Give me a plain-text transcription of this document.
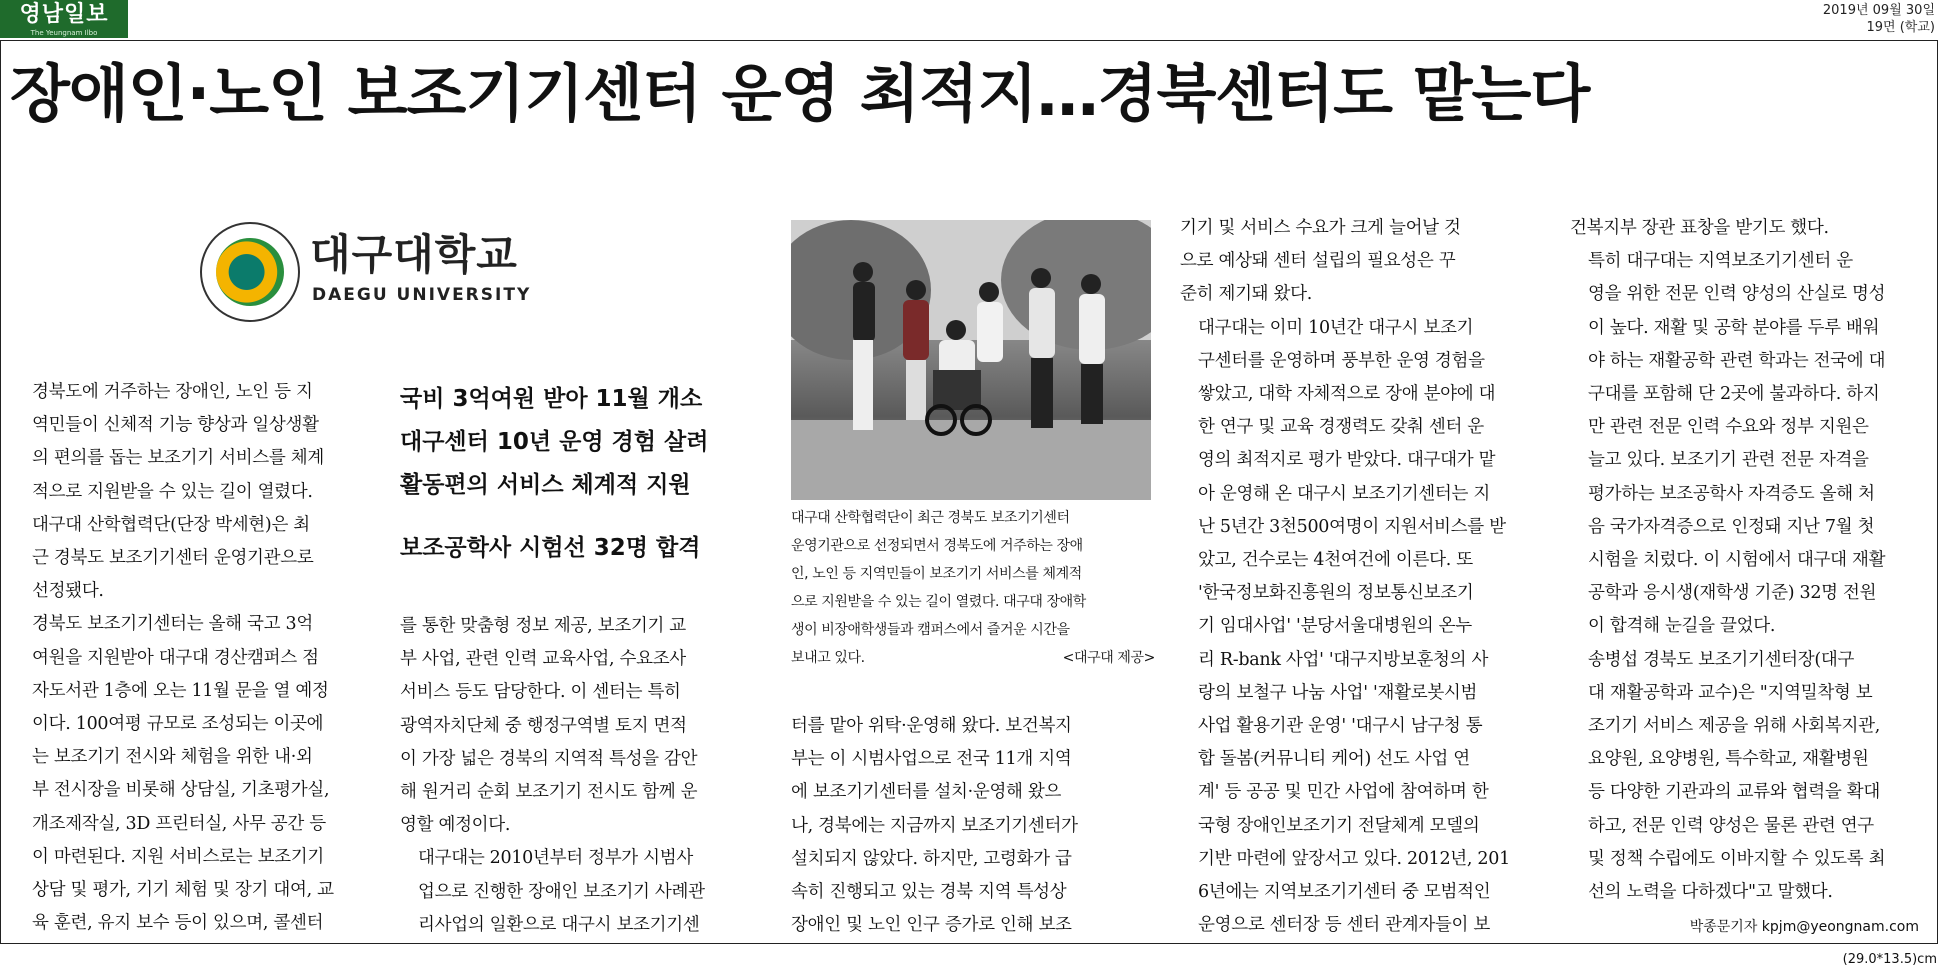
영남일보
The Yeungnam Ilbo
2019년 09월 30일
19면 (학교)
장애인·노인 보조기기센터 운영 최적지…경북센터도 맡는다
대구대학교
DAEGU UNIVERSITY
국비 3억여원 받아 11월 개소
대구센터 10년 운영 경험 살려
활동편의 서비스 체계적 지원
보조공학사 시험선 32명 합격
대구대 산학협력단이 최근 경북도 보조기기센터
운영기관으로 선정되면서 경북도에 거주하는 장애
인, 노인 등 지역민들이 보조기기 서비스를 체계적
으로 지원받을 수 있는 길이 열렸다. 대구대 장애학
생이 비장애학생들과 캠퍼스에서 즐거운 시간을
보내고 있다.	<대구대 제공>

경북도에 거주하는 장애인, 노인 등 지
역민들이 신체적 기능 향상과 일상생활
의 편의를 돕는 보조기기 서비스를 체계
적으로 지원받을 수 있는 길이 열렸다.
대구대 산학협력단(단장 박세현)은 최
근 경북도 보조기기센터 운영기관으로
선정됐다.

경북도 보조기기센터는 올해 국고 3억
여원을 지원받아 대구대 경산캠퍼스 점
자도서관 1층에 오는 11월 문을 열 예정
이다. 100여평 규모로 조성되는 이곳에
는 보조기기 전시와 체험을 위한 내·외
부 전시장을 비롯해 상담실, 기초평가실,
개조제작실, 3D 프린터실, 사무 공간 등
이 마련된다. 지원 서비스로는 보조기기
상담 및 평가, 기기 체험 및 장기 대여, 교
육 훈련, 유지 보수 등이 있으며, 콜센터

를 통한 맞춤형 정보 제공, 보조기기 교
부 사업, 관련 인력 교육사업, 수요조사
서비스 등도 담당한다. 이 센터는 특히
광역자치단체 중 행정구역별 토지 면적
이 가장 넓은 경북의 지역적 특성을 감안
해 원거리 순회 보조기기 전시도 함께 운
영할 예정이다.

대구대는 2010년부터 정부가 시범사
업으로 진행한 장애인 보조기기 사례관
리사업의 일환으로 대구시 보조기기센

터를 맡아 위탁·운영해 왔다. 보건복지
부는 이 시범사업으로 전국 11개 지역
에 보조기기센터를 설치·운영해 왔으
나, 경북에는 지금까지 보조기기센터가
설치되지 않았다. 하지만, 고령화가 급
속히 진행되고 있는 경북 지역 특성상
장애인 및 노인 인구 증가로 인해 보조

기기 및 서비스 수요가 크게 늘어날 것
으로 예상돼 센터 설립의 필요성은 꾸
준히 제기돼 왔다.

대구대는 이미 10년간 대구시 보조기
구센터를 운영하며 풍부한 운영 경험을
쌓았고, 대학 자체적으로 장애 분야에 대
한 연구 및 교육 경쟁력도 갖춰 센터 운
영의 최적지로 평가 받았다. 대구대가 맡
아 운영해 온 대구시 보조기기센터는 지
난 5년간 3천500여명이 지원서비스를 받
았고, 건수로는 4천여건에 이른다. 또
'한국정보화진흥원의 정보통신보조기
기 임대사업' '분당서울대병원의 온누
리 R-bank 사업' '대구지방보훈청의 사
랑의 보철구 나눔 사업' '재활로봇시범
사업 활용기관 운영' '대구시 남구청 통
합 돌봄(커뮤니티 케어) 선도 사업 연
계' 등 공공 및 민간 사업에 참여하며 한
국형 장애인보조기기 전달체계 모델의
기반 마련에 앞장서고 있다. 2012년, 201
6년에는 지역보조기기센터 중 모범적인
운영으로 센터장 등 센터 관계자들이 보

건복지부 장관 표창을 받기도 했다.

특히 대구대는 지역보조기기센터 운
영을 위한 전문 인력 양성의 산실로 명성
이 높다. 재활 및 공학 분야를 두루 배워
야 하는 재활공학 관련 학과는 전국에 대
구대를 포함해 단 2곳에 불과하다. 하지
만 관련 전문 인력 수요와 정부 지원은
늘고 있다. 보조기기 관련 전문 자격을
평가하는 보조공학사 자격증도 올해 처
음 국가자격증으로 인정돼 지난 7월 첫
시험을 치렀다. 이 시험에서 대구대 재활
공학과 응시생(재학생 기준) 32명 전원
이 합격해 눈길을 끌었다.

송병섭 경북도 보조기기센터장(대구
대 재활공학과 교수)은 "지역밀착형 보
조기기 서비스 제공을 위해 사회복지관,
요양원, 요양병원, 특수학교, 재활병원
등 다양한 기관과의 교류와 협력을 확대
하고, 전문 인력 양성은 물론 관련 연구
및 정책 수립에도 이바지할 수 있도록 최
선의 노력을 다하겠다"고 말했다.

박종문기자 kpjm@yeongnam.com
(29.0*13.5)cm
